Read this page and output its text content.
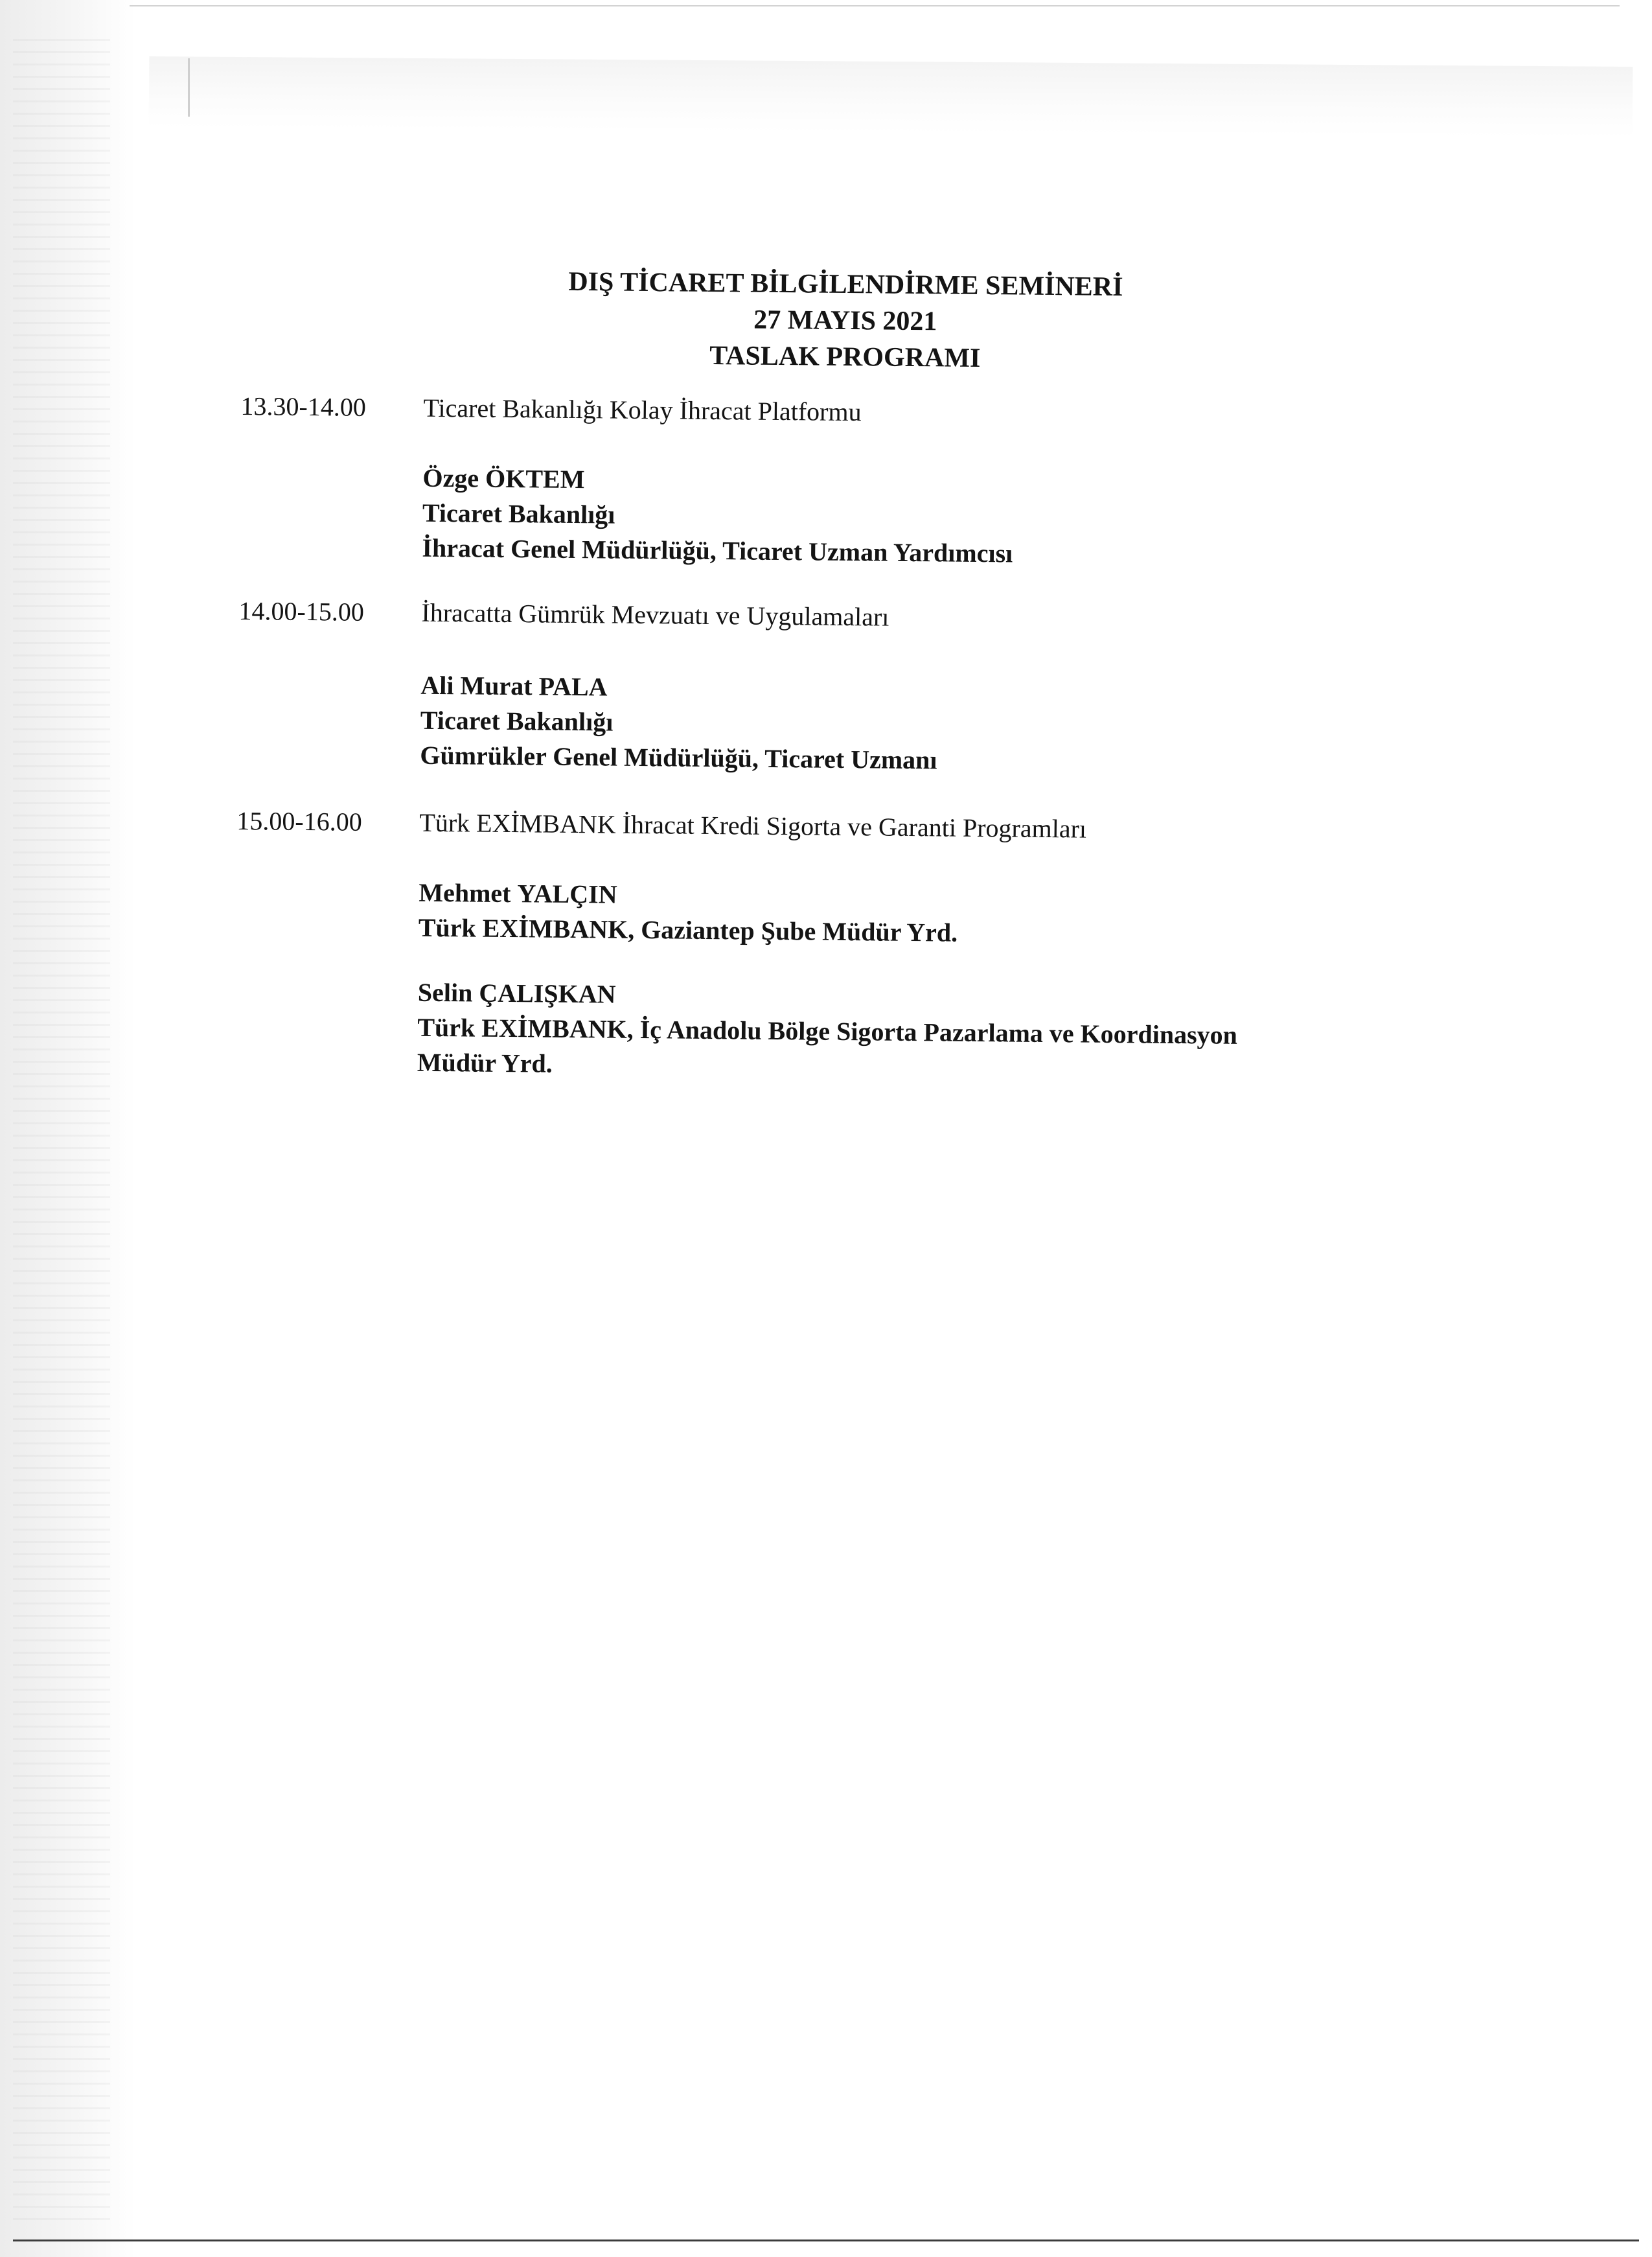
DIŞ TİCARET BİLGİLENDİRME SEMİNERİ
27 MAYIS 2021
TASLAK PROGRAMI
13.30-14.00 Ticaret Bakanlığı Kolay İhracat Platformu
Özge ÖKTEM
Ticaret Bakanlığı
İhracat Genel Müdürlüğü, Ticaret Uzman Yardımcısı
14.00-15.00 İhracatta Gümrük Mevzuatı ve Uygulamaları
Ali Murat PALA
Ticaret Bakanlığı
Gümrükler Genel Müdürlüğü, Ticaret Uzmanı
15.00-16.00 Türk EXİMBANK İhracat Kredi Sigorta ve Garanti Programları
Mehmet YALÇIN
Türk EXİMBANK, Gaziantep Şube Müdür Yrd.
Selin ÇALIŞKAN
Türk EXİMBANK, İç Anadolu Bölge Sigorta Pazarlama ve Koordinasyon
Müdür Yrd.
